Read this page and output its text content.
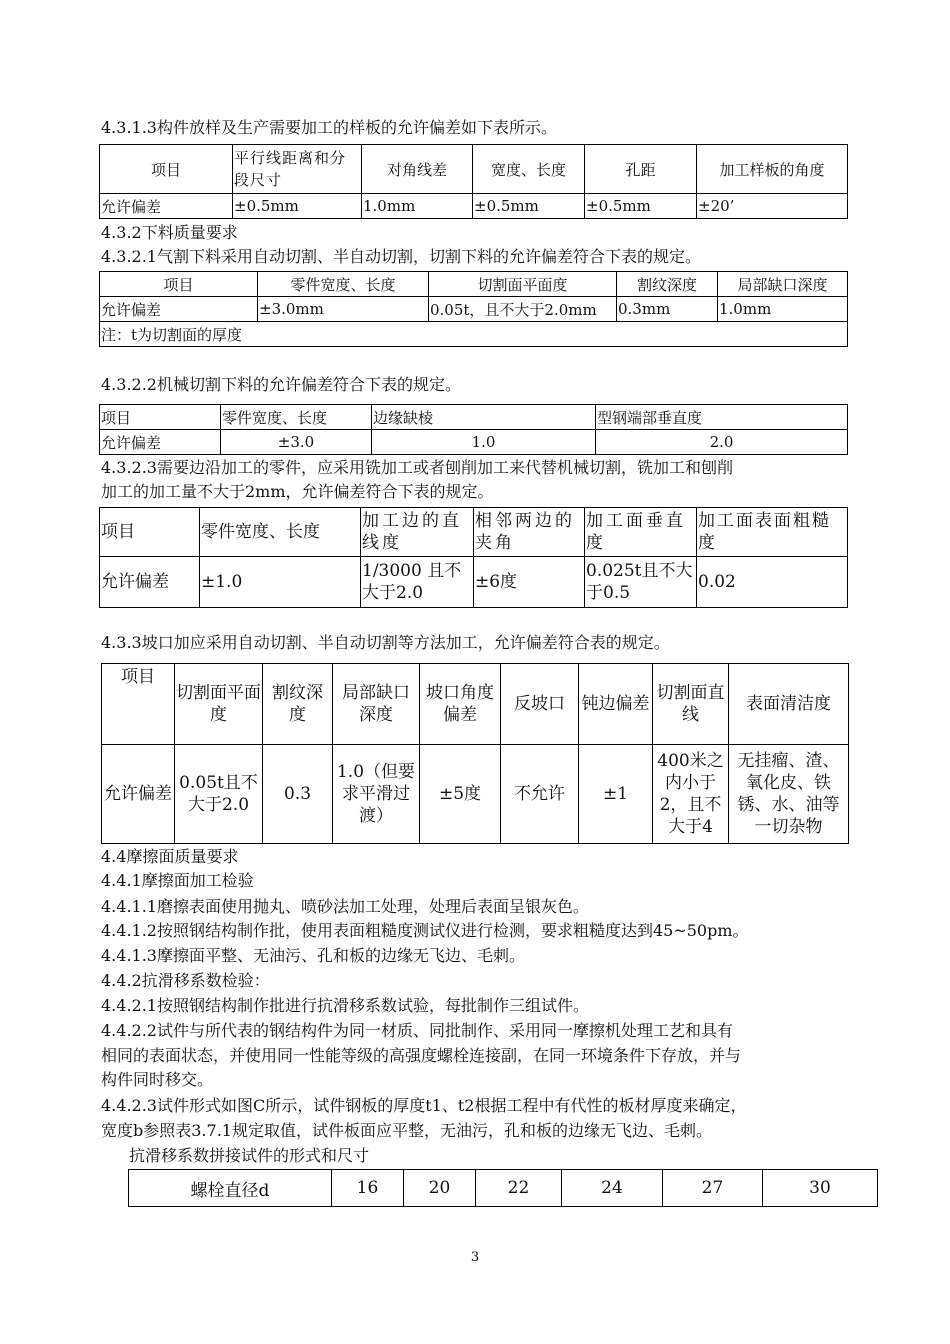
4.3.1.3构件放样及生产需要加工的样板的允许偏差如下表所示。
项目	平行线距离和分段尺寸	对角线差	宽度、长度	孔距	加工样板的角度
允许偏差	±0.5mm	1.0mm	±0.5mm	±0.5mm	±20’
4.3.2下料质量要求
4.3.2.1气割下料采用自动切割、半自动切割，切割下料的允许偏差符合下表的规定。
项目	零件宽度、长度	切割面平面度	割纹深度	局部缺口深度
允许偏差	±3.0mm	0.05t，且不大于2.0mm	0.3mm	1.0mm
注：t为切割面的厚度				
4.3.2.2机械切割下料的允许偏差符合下表的规定。
项目	零件宽度、长度	边缘缺棱	型钢端部垂直度
允许偏差	±3.0	1.0	2.0
4.3.2.3需要边沿加工的零件，应采用铣加工或者刨削加工来代替机械切割，铣加工和刨削
加工的加工量不大于2mm，允许偏差符合下表的规定。
项目	零件宽度、长度	加工边的直线度	相邻两边的夹角	加工面垂直度	加工面表面粗糙度
允许偏差	±1.0	1/3000 且不大于2.0	±6度	0.025t且不大于0.5	0.02
4.3.3坡口加应采用自动切割、半自动切割等方法加工，允许偏差符合表的规定。
项目	切割面平面度	割纹深度	局部缺口深度	坡口角度偏差	反坡口	钝边偏差	切割面直线	表面清洁度
允许偏差	0.05t且不大于2.0	0.3	1.0（但要求平滑过渡）	±5度	不允许	±1	400米之内小于2，且不大于4	无挂瘤、渣、氧化皮、铁锈、水、油等一切杂物
4.4摩擦面质量要求
4.4.1摩擦面加工检验
4.4.1.1磨擦表面使用抛丸、喷砂法加工处理，处理后表面呈银灰色。
4.4.1.2按照钢结构制作批，使用表面粗糙度测试仪进行检测，要求粗糙度达到45~50pm。
4.4.1.3摩擦面平整、无油污、孔和板的边缘无飞边、毛刺。
4.4.2抗滑移系数检验：
4.4.2.1按照钢结构制作批进行抗滑移系数试验，每批制作三组试件。
4.4.2.2试件与所代表的钢结构件为同一材质、同批制作、采用同一摩擦机处理工艺和具有
相同的表面状态，并使用同一性能等级的高强度螺栓连接副，在同一环境条件下存放，并与
构件同时移交。
4.4.2.3试件形式如图C所示，试件钢板的厚度t1、t2根据工程中有代性的板材厚度来确定，
宽度b参照表3.7.1规定取值，试件板面应平整，无油污，孔和板的边缘无飞边、毛刺。
抗滑移系数拼接试件的形式和尺寸
螺栓直径d	16	20	22	24	27	30
3
